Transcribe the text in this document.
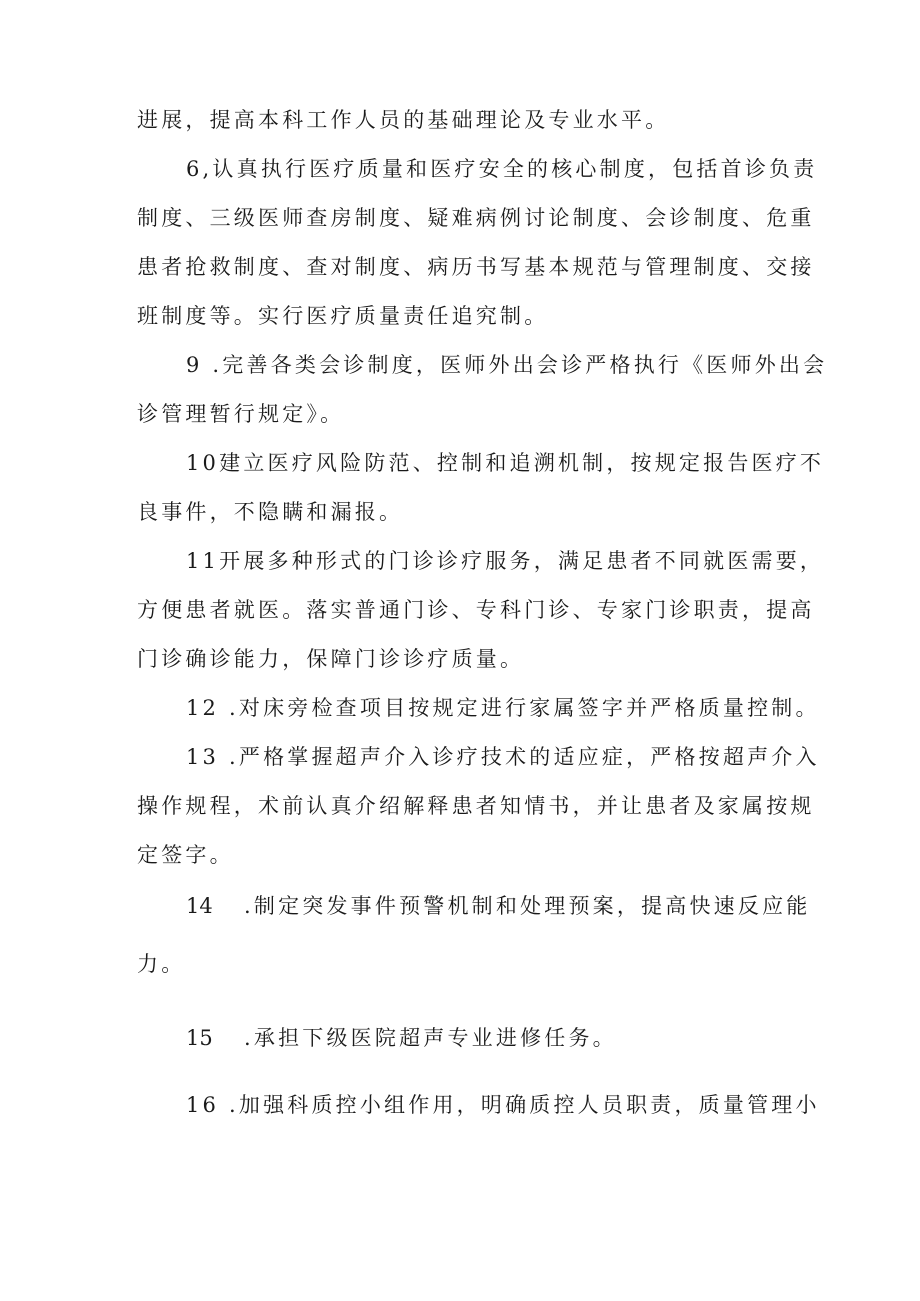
进展，提高本科工作人员的基础理论及专业水平。
6,认真执行医疗质量和医疗安全的核心制度，包括首诊负责
制度、三级医师查房制度、疑难病例讨论制度、会诊制度、危重
患者抢救制度、查对制度、病历书写基本规范与管理制度、交接
班制度等。实行医疗质量责任追究制。
9 .完善各类会诊制度，医师外出会诊严格执行《医师外出会
诊管理暂行规定》。
10建立医疗风险防范、控制和追溯机制，按规定报告医疗不
良事件，不隐瞒和漏报。
11开展多种形式的门诊诊疗服务，满足患者不同就医需要，
方便患者就医。落实普通门诊、专科门诊、专家门诊职责，提高
门诊确诊能力，保障门诊诊疗质量。
12 .对床旁检查项目按规定进行家属签字并严格质量控制。
13 .严格掌握超声介入诊疗技术的适应症，严格按超声介入
操作规程，术前认真介绍解释患者知情书，并让患者及家属按规
定签字。
14 .制定突发事件预警机制和处理预案，提高快速反应能
力。
15 .承担下级医院超声专业进修任务。
16 .加强科质控小组作用，明确质控人员职责，质量管理小
